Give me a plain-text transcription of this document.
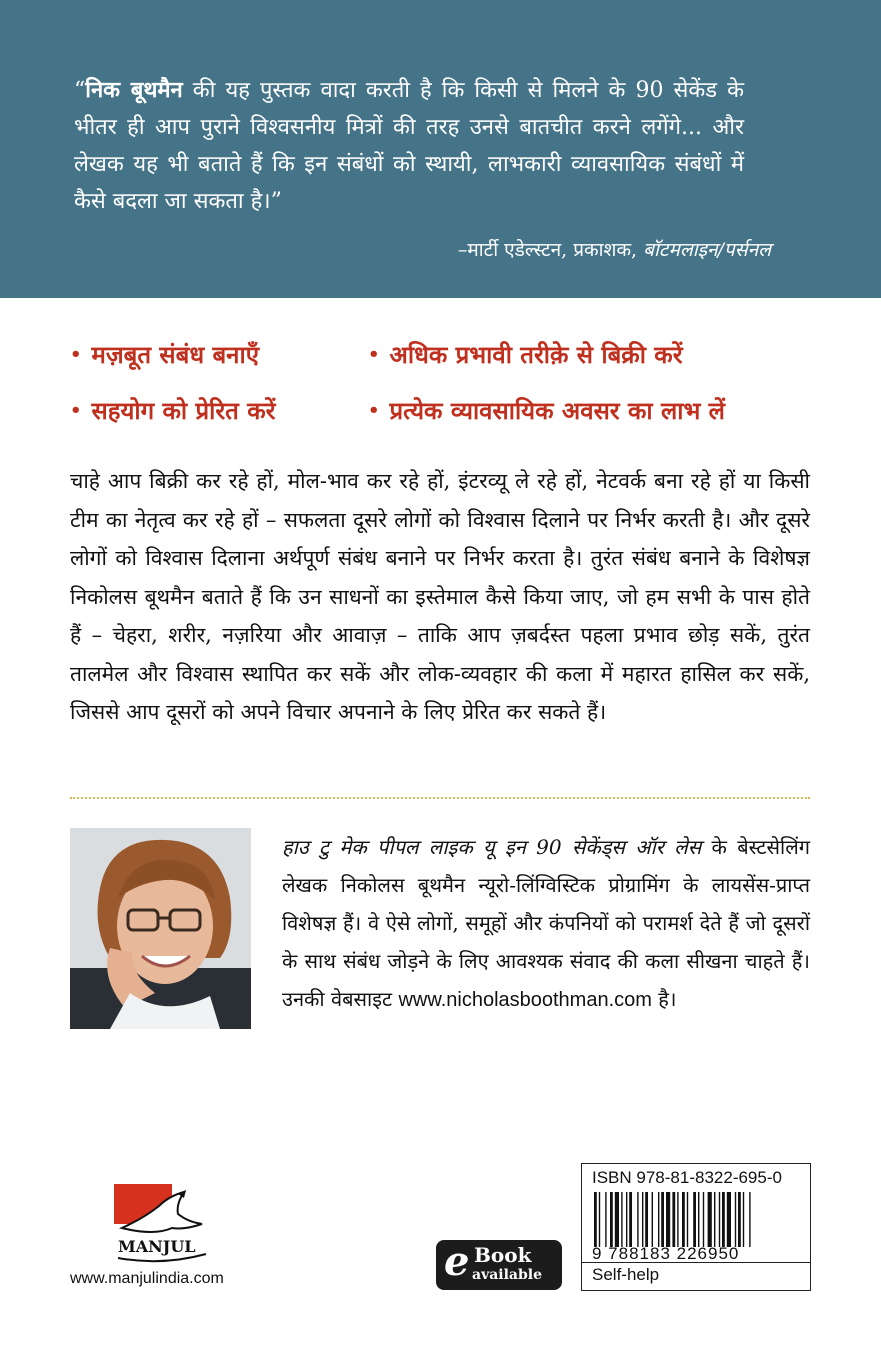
“निक बूथमैन की यह पुस्तक वादा करती है कि किसी से मिलने के 90 सेकेंड के भीतर ही आप पुराने विश्वसनीय मित्रों की तरह उनसे बातचीत करने लगेंगे... और लेखक यह भी बताते हैं कि इन संबंधों को स्थायी, लाभकारी व्यावसायिक संबंधों में कैसे बदला जा सकता है।”
–मार्टी एडेल्स्टन, प्रकाशक, बॉटमलाइन/पर्सनल
• मज़बूत संबंध बनाएँ	• अधिक प्रभावी तरीक़े से बिक्री करें
• सहयोग को प्रेरित करें	• प्रत्येक व्यावसायिक अवसर का लाभ लें
चाहे आप बिक्री कर रहे हों, मोल-भाव कर रहे हों, इंटरव्यू ले रहे हों, नेटवर्क बना रहे हों या किसी टीम का नेतृत्व कर रहे हों – सफलता दूसरे लोगों को विश्वास दिलाने पर निर्भर करती है। और दूसरे लोगों को विश्वास दिलाना अर्थपूर्ण संबंध बनाने पर निर्भर करता है। तुरंत संबंध बनाने के विशेषज्ञ निकोलस बूथमैन बताते हैं कि उन साधनों का इस्तेमाल कैसे किया जाए, जो हम सभी के पास होते हैं – चेहरा, शरीर, नज़रिया और आवाज़ – ताकि आप ज़बर्दस्त पहला प्रभाव छोड़ सकें, तुरंत तालमेल और विश्वास स्थापित कर सकें और लोक-व्यवहार की कला में महारत हासिल कर सकें, जिससे आप दूसरों को अपने विचार अपनाने के लिए प्रेरित कर सकते हैं।
हाउ टु मेक पीपल लाइक यू इन 90 सेकेंड्स ऑर लेस के बेस्टसेलिंग लेखक निकोलस बूथमैन न्यूरो-लिंग्विस्टिक प्रोग्रामिंग के लायसेंस-प्राप्त विशेषज्ञ हैं। वे ऐसे लोगों, समूहों और कंपनियों को परामर्श देते हैं जो दूसरों के साथ संबंध जोड़ने के लिए आवश्यक संवाद की कला सीखना चाहते हैं। उनकी वेबसाइट www.nicholasboothman.com है।
MANJUL
www.manjulindia.com	e Book
available
ISBN 978-81-8322-695-0
9 788183 226950
Self-help
